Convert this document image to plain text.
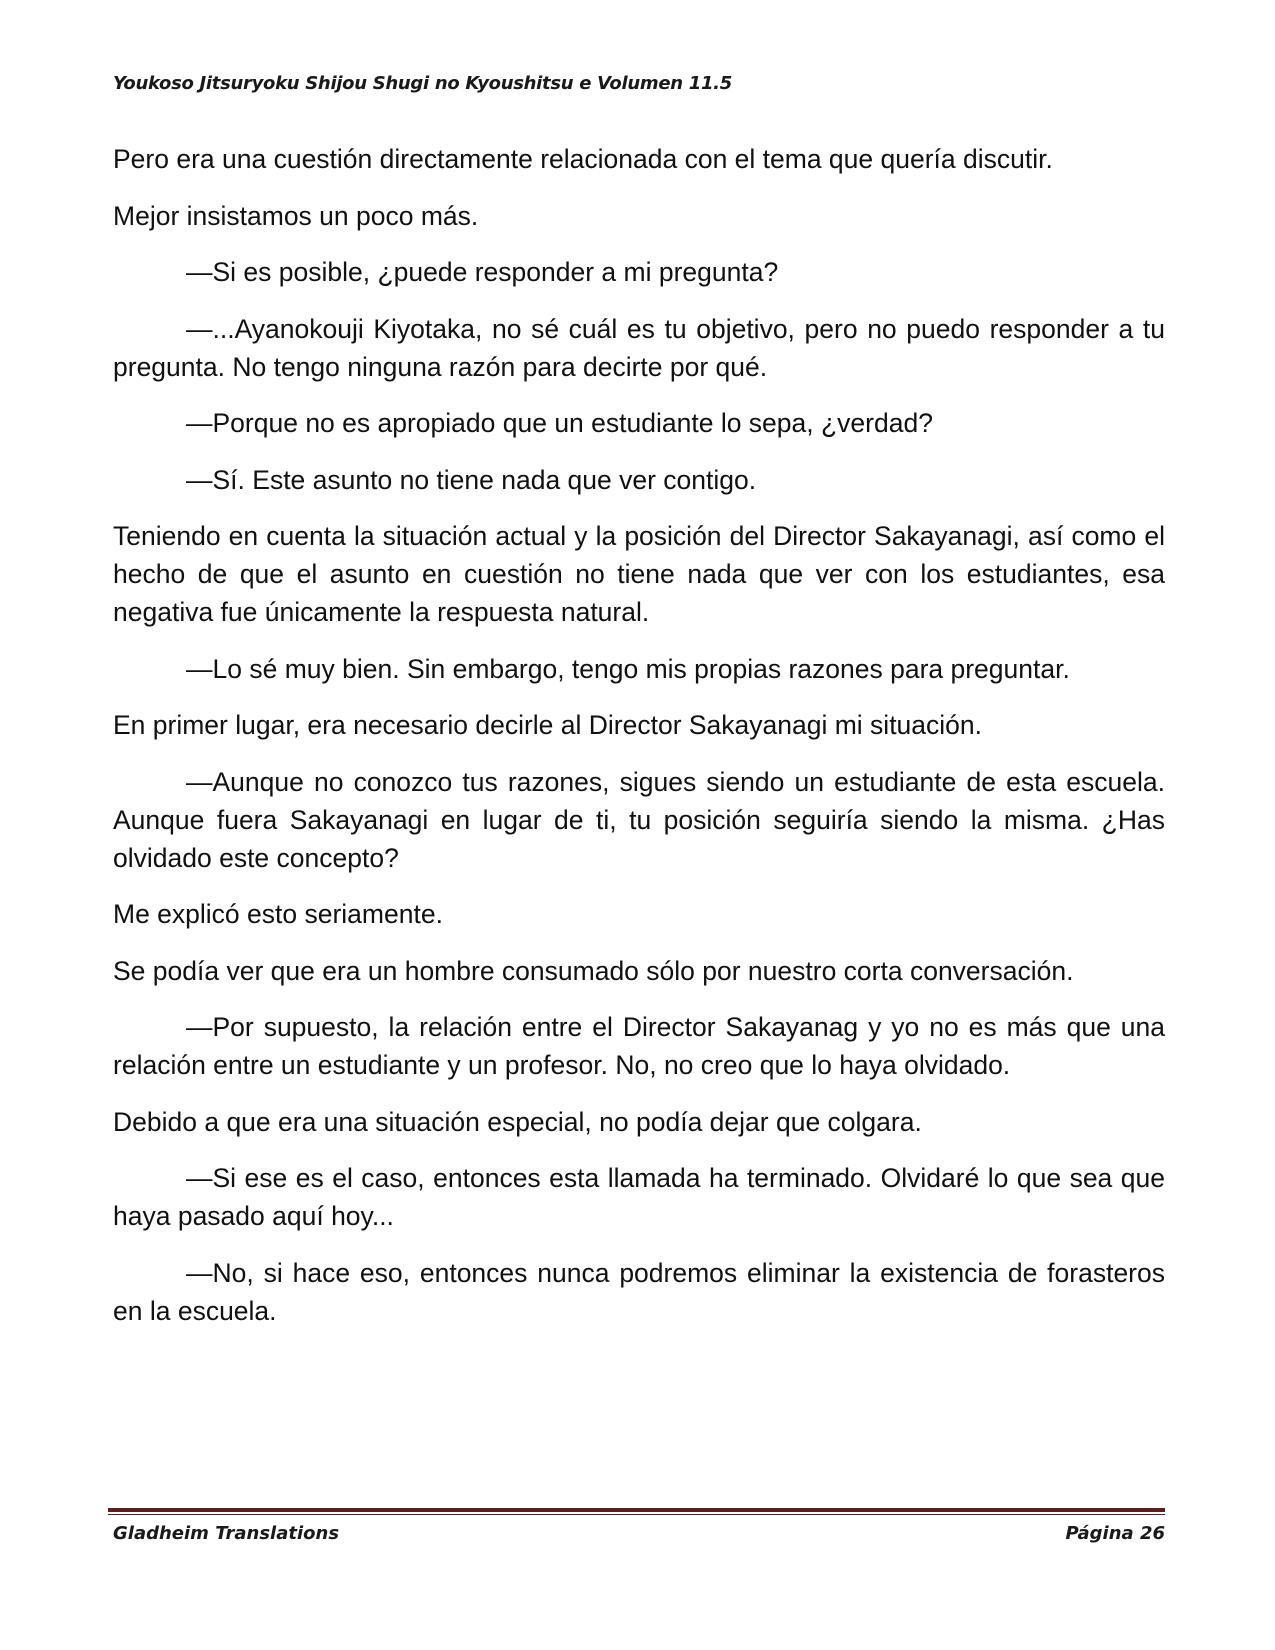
Youkoso Jitsuryoku Shijou Shugi no Kyoushitsu e Volumen 11.5

Pero era una cuestión directamente relacionada con el tema que quería discutir.

Mejor insistamos un poco más.

—Si es posible, ¿puede responder a mi pregunta?

—...Ayanokouji Kiyotaka, no sé cuál es tu objetivo, pero no puedo responder a tu pregunta. No tengo ninguna razón para decirte por qué.

—Porque no es apropiado que un estudiante lo sepa, ¿verdad?

—Sí. Este asunto no tiene nada que ver contigo.

Teniendo en cuenta la situación actual y la posición del Director Sakayanagi, así como el hecho de que el asunto en cuestión no tiene nada que ver con los estudiantes, esa negativa fue únicamente la respuesta natural.

—Lo sé muy bien. Sin embargo, tengo mis propias razones para preguntar.

En primer lugar, era necesario decirle al Director Sakayanagi mi situación.

—Aunque no conozco tus razones, sigues siendo un estudiante de esta escuela. Aunque fuera Sakayanagi en lugar de ti, tu posición seguiría siendo la misma. ¿Has olvidado este concepto?

Me explicó esto seriamente.

Se podía ver que era un hombre consumado sólo por nuestro corta conversación.

—Por supuesto, la relación entre el Director Sakayanag y yo no es más que una relación entre un estudiante y un profesor. No, no creo que lo haya olvidado.

Debido a que era una situación especial, no podía dejar que colgara.

—Si ese es el caso, entonces esta llamada ha terminado. Olvidaré lo que sea que haya pasado aquí hoy...

—No, si hace eso, entonces nunca podremos eliminar la existencia de forasteros en la escuela.

Gladheim Translations	Página 26
